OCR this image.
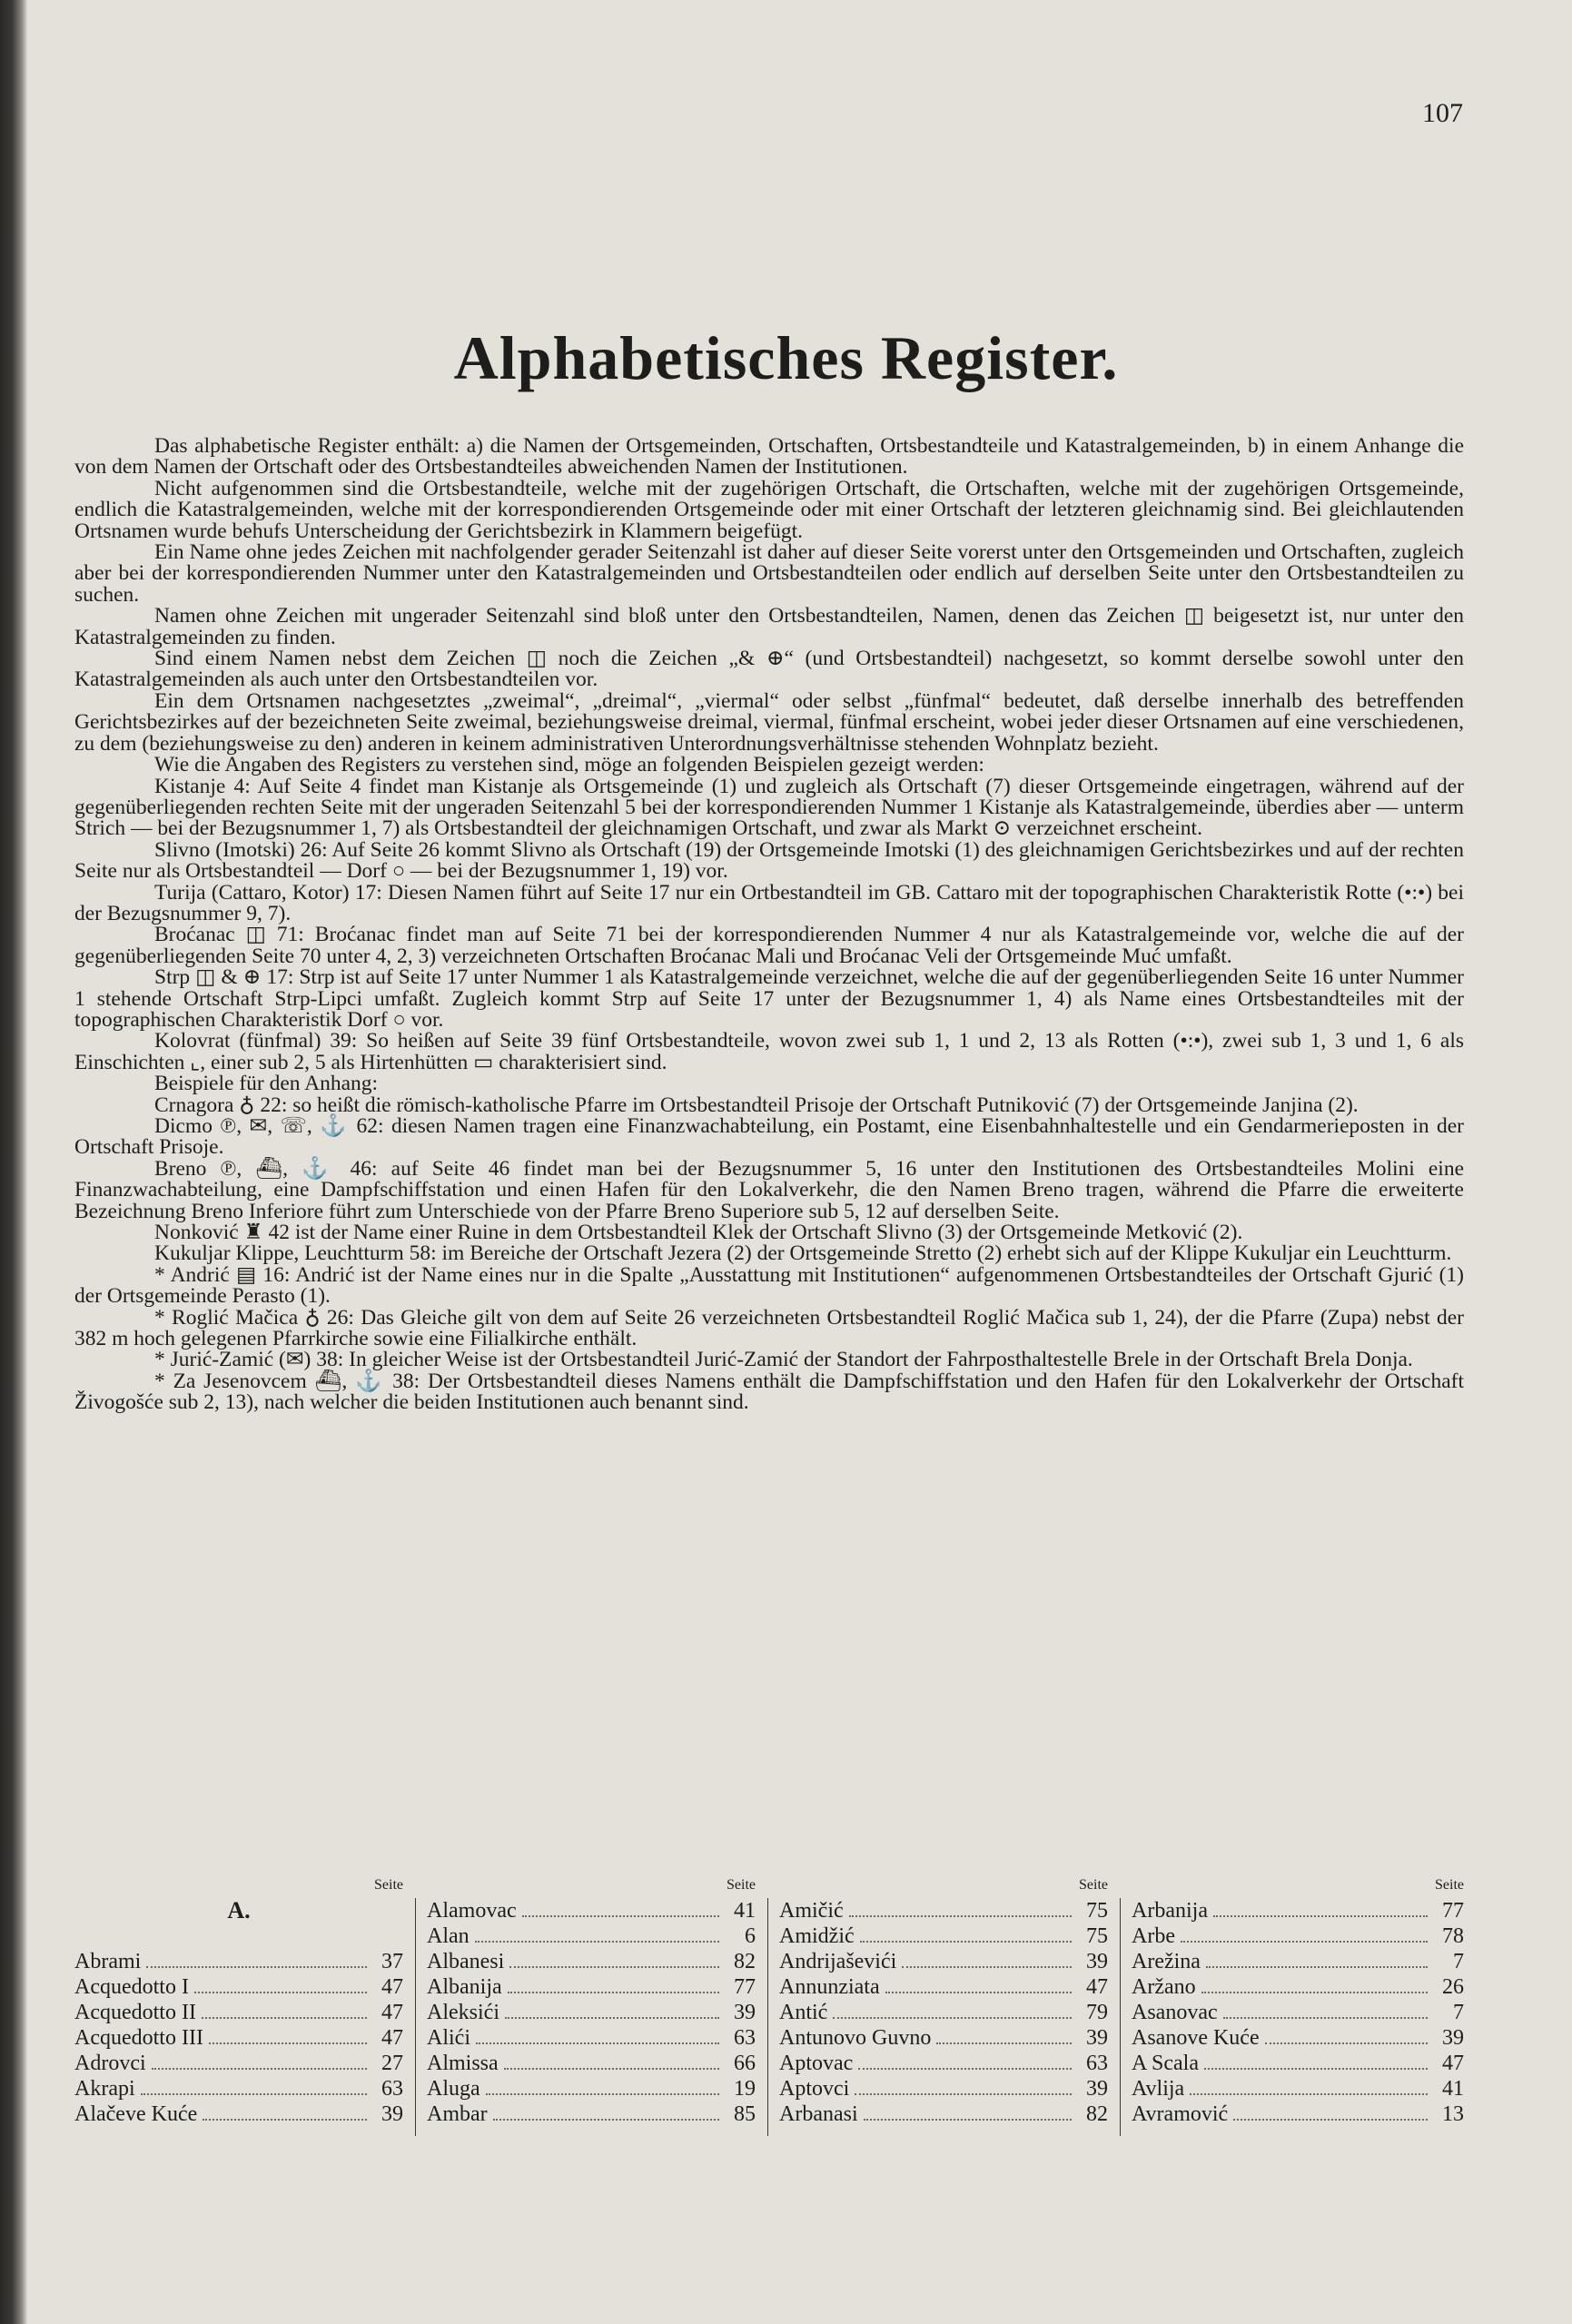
107
Alphabetisches Register.

Das alphabetische Register enthält: a) die Namen der Ortsgemeinden, Ortschaften, Ortsbestandteile und Katastralgemeinden, b) in einem Anhange die von dem Namen der Ortschaft oder des Ortsbestandteiles abweichenden Namen der Institutionen.

Nicht aufgenommen sind die Ortsbestandteile, welche mit der zugehörigen Ortschaft, die Ortschaften, welche mit der zugehörigen Ortsgemeinde, endlich die Katastralgemeinden, welche mit der korrespondierenden Ortsgemeinde oder mit einer Ortschaft der letzteren gleichnamig sind. Bei gleichlautenden Ortsnamen wurde behufs Unterscheidung der Gerichtsbezirk in Klammern beigefügt.

Ein Name ohne jedes Zeichen mit nachfolgender gerader Seitenzahl ist daher auf dieser Seite vorerst unter den Ortsgemeinden und Ortschaften, zugleich aber bei der korrespondierenden Nummer unter den Katastralgemeinden und Ortsbestandteilen oder endlich auf derselben Seite unter den Ortsbestandteilen zu suchen.

Namen ohne Zeichen mit ungerader Seitenzahl sind bloß unter den Ortsbestandteilen, Namen, denen das Zeichen ◫ beigesetzt ist, nur unter den Katastralgemeinden zu finden.

Sind einem Namen nebst dem Zeichen ◫ noch die Zeichen „& ⊕“ (und Ortsbestandteil) nachgesetzt, so kommt derselbe sowohl unter den Katastralgemeinden als auch unter den Ortsbestandteilen vor.

Ein dem Ortsnamen nachgesetztes „zweimal“, „dreimal“, „viermal“ oder selbst „fünfmal“ bedeutet, daß derselbe innerhalb des betreffenden Gerichtsbezirkes auf der bezeichneten Seite zweimal, beziehungsweise dreimal, viermal, fünfmal erscheint, wobei jeder dieser Ortsnamen auf eine verschiedenen, zu dem (beziehungsweise zu den) anderen in keinem administrativen Unterordnungsverhältnisse stehenden Wohnplatz bezieht.

Wie die Angaben des Registers zu verstehen sind, möge an folgenden Beispielen gezeigt werden:

Kistanje 4: Auf Seite 4 findet man Kistanje als Ortsgemeinde (1) und zugleich als Ortschaft (7) dieser Ortsgemeinde eingetragen, während auf der gegenüberliegenden rechten Seite mit der ungeraden Seitenzahl 5 bei der korrespondierenden Nummer 1 Kistanje als Katastralgemeinde, überdies aber — unterm Strich — bei der Bezugsnummer 1, 7) als Ortsbestandteil der gleichnamigen Ortschaft, und zwar als Markt ⊙ verzeichnet erscheint.

Slivno (Imotski) 26: Auf Seite 26 kommt Slivno als Ortschaft (19) der Ortsgemeinde Imotski (1) des gleichnamigen Gerichtsbezirkes und auf der rechten Seite nur als Ortsbestandteil — Dorf ○ — bei der Bezugsnummer 1, 19) vor.

Turija (Cattaro, Kotor) 17: Diesen Namen führt auf Seite 17 nur ein Ortbestandteil im GB. Cattaro mit der topographischen Charakteristik Rotte (•:•) bei der Bezugsnummer 9, 7).

Broćanac ◫ 71: Broćanac findet man auf Seite 71 bei der korrespondierenden Nummer 4 nur als Katastralgemeinde vor, welche die auf der gegenüberliegenden Seite 70 unter 4, 2, 3) verzeichneten Ortschaften Broćanac Mali und Broćanac Veli der Ortsgemeinde Muć umfaßt.

Strp ◫ & ⊕ 17: Strp ist auf Seite 17 unter Nummer 1 als Katastralgemeinde verzeichnet, welche die auf der gegenüberliegenden Seite 16 unter Nummer 1 stehende Ortschaft Strp-Lipci umfaßt. Zugleich kommt Strp auf Seite 17 unter der Bezugsnummer 1, 4) als Name eines Ortsbestandteiles mit der topographischen Charakteristik Dorf ○ vor.

Kolovrat (fünfmal) 39: So heißen auf Seite 39 fünf Ortsbestandteile, wovon zwei sub 1, 1 und 2, 13 als Rotten (•:•), zwei sub 1, 3 und 1, 6 als Einschichten ⌞, einer sub 2, 5 als Hirtenhütten ▭ charakterisiert sind.

Beispiele für den Anhang:

Crnagora ♁ 22: so heißt die römisch-katholische Pfarre im Ortsbestandteil Prisoje der Ortschaft Putniković (7) der Ortsgemeinde Janjina (2).

Dicmo ℗, ✉, ☏, ⚓ 62: diesen Namen tragen eine Finanzwachabteilung, ein Postamt, eine Eisenbahnhaltestelle und ein Gendarmerieposten in der Ortschaft Prisoje.

Breno ℗, ⛴, ⚓ 46: auf Seite 46 findet man bei der Bezugsnummer 5, 16 unter den Institutionen des Ortsbestandteiles Molini eine Finanzwachabteilung, eine Dampfschiffstation und einen Hafen für den Lokalverkehr, die den Namen Breno tragen, während die Pfarre die erweiterte Bezeichnung Breno Inferiore führt zum Unterschiede von der Pfarre Breno Superiore sub 5, 12 auf derselben Seite.

Nonković ♜ 42 ist der Name einer Ruine in dem Ortsbestandteil Klek der Ortschaft Slivno (3) der Ortsgemeinde Metković (2).

Kukuljar Klippe, Leuchtturm 58: im Bereiche der Ortschaft Jezera (2) der Ortsgemeinde Stretto (2) erhebt sich auf der Klippe Kukuljar ein Leuchtturm.

* Andrić ▤ 16: Andrić ist der Name eines nur in die Spalte „Ausstattung mit Institutionen“ aufgenommenen Ortsbestandteiles der Ortschaft Gjurić (1) der Ortsgemeinde Perasto (1).

* Roglić Mačica ♁ 26: Das Gleiche gilt von dem auf Seite 26 verzeichneten Ortsbestandteil Roglić Mačica sub 1, 24), der die Pfarre (Zupa) nebst der 382 m hoch gelegenen Pfarrkirche sowie eine Filialkirche enthält.

* Jurić-Zamić (✉) 38: In gleicher Weise ist der Ortsbestandteil Jurić-Zamić der Standort der Fahrposthaltestelle Brele in der Ortschaft Brela Donja.

* Za Jesenovcem ⛴, ⚓ 38: Der Ortsbestandteil dieses Namens enthält die Dampfschiffstation und den Hafen für den Lokalverkehr der Ortschaft Živogošće sub 2, 13), nach welcher die beiden Institutionen auch benannt sind.

Seite
A.
Abrami	37
Acquedotto I	47
Acquedotto II	47
Acquedotto III	47
Adrovci	27
Akrapi	63
Alačeve Kuće	39
Seite
Alamovac	41
Alan	6
Albanesi	82
Albanija	77
Aleksići	39
Alići	63
Almissa	66
Aluga	19
Ambar	85
Seite
Amičić	75
Amidžić	75
Andrijaševići	39
Annunziata	47
Antić	79
Antunovo Guvno	39
Aptovac	63
Aptovci	39
Arbanasi	82
Seite
Arbanija	77
Arbe	78
Arežina	7
Aržano	26
Asanovac	7
Asanove Kuće	39
A Scala	47
Avlija	41
Avramović	13
